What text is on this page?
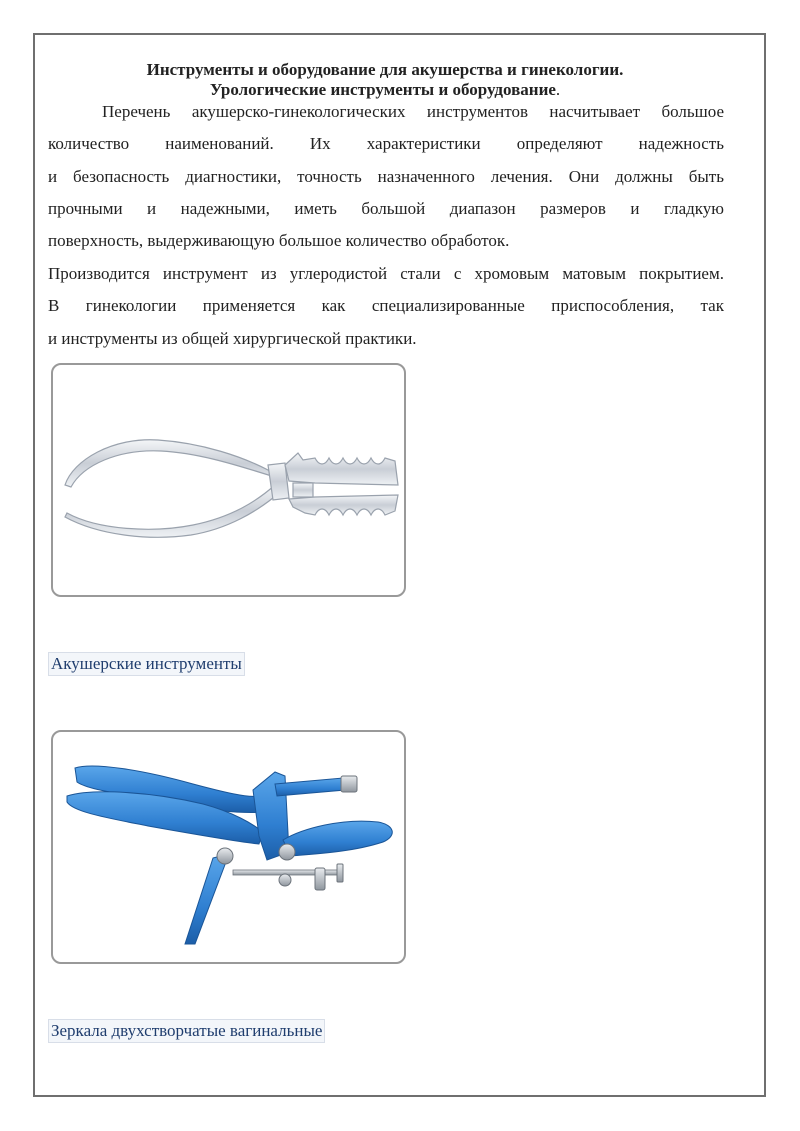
Инструменты и оборудование для акушерства и гинекологии.
Урологические инструменты и оборудование.
Перечень акушерско-гинекологических инструментов насчитывает большое
количество наименований. Их характеристики определяют надежность
и безопасность диагностики, точность назначенного лечения. Они должны быть
прочными и надежными, иметь большой диапазон размеров и гладкую
поверхность, выдерживающую большое количество обработок.
Производится инструмент из углеродистой стали с хромовым матовым покрытием.
В гинекологии применяется как специализированные приспособления, так
и инструменты из общей хирургической практики.
Акушерские инструменты
Зеркала двухстворчатые вагинальные
